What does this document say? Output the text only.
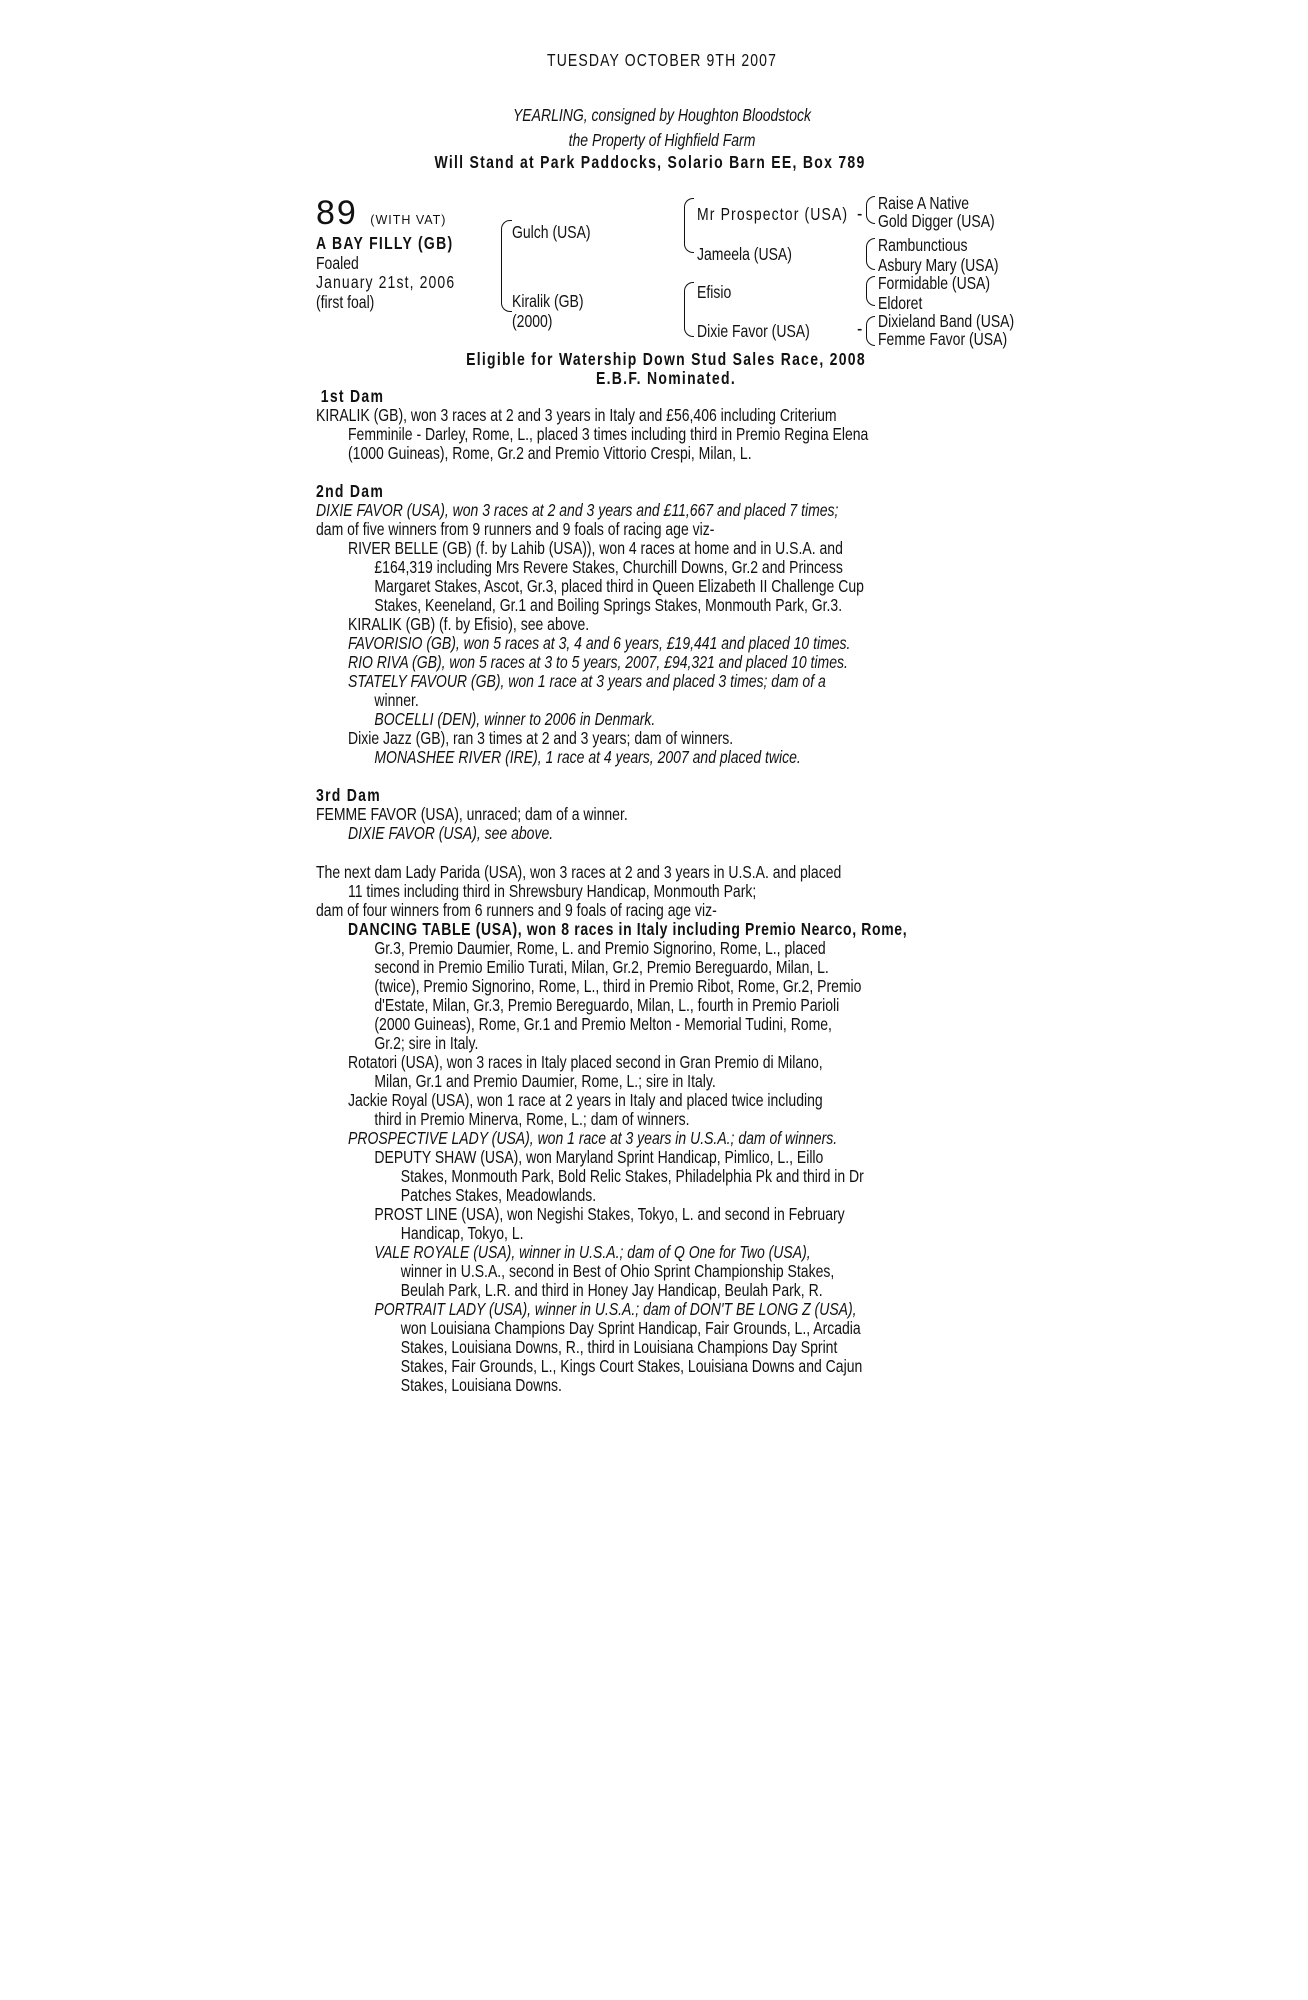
TUESDAY OCTOBER 9TH 2007
YEARLING, consigned by Houghton Bloodstock
the Property of Highfield Farm
Will Stand at Park Paddocks, Solario Barn EE, Box 789
89 (WITH VAT)
A BAY FILLY (GB)
Foaled
January 21st, 2006
(first foal)
Gulch (USA)
Kiralik (GB)
(2000)
Mr Prospector (USA)
Jameela (USA)
Efisio
Dixie Favor (USA)
-
-
Raise A Native
Gold Digger (USA)
Rambunctious
Asbury Mary (USA)
Formidable (USA)
Eldoret
Dixieland Band (USA)
Femme Favor (USA)
Eligible for Watership Down Stud Sales Race, 2008
E.B.F. Nominated.
1st Dam
KIRALIK (GB), won 3 races at 2 and 3 years in Italy and £56,406 including Criterium
Femminile - Darley, Rome, L., placed 3 times including third in Premio Regina Elena
(1000 Guineas), Rome, Gr.2 and Premio Vittorio Crespi, Milan, L.
2nd Dam
DIXIE FAVOR (USA), won 3 races at 2 and 3 years and £11,667 and placed 7 times;
dam of five winners from 9 runners and 9 foals of racing age viz-
RIVER BELLE (GB) (f. by Lahib (USA)), won 4 races at home and in U.S.A. and
£164,319 including Mrs Revere Stakes, Churchill Downs, Gr.2 and Princess
Margaret Stakes, Ascot, Gr.3, placed third in Queen Elizabeth II Challenge Cup
Stakes, Keeneland, Gr.1 and Boiling Springs Stakes, Monmouth Park, Gr.3.
KIRALIK (GB) (f. by Efisio), see above.
FAVORISIO (GB), won 5 races at 3, 4 and 6 years, £19,441 and placed 10 times.
RIO RIVA (GB), won 5 races at 3 to 5 years, 2007, £94,321 and placed 10 times.
STATELY FAVOUR (GB), won 1 race at 3 years and placed 3 times; dam of a
winner.
BOCELLI (DEN), winner to 2006 in Denmark.
Dixie Jazz (GB), ran 3 times at 2 and 3 years; dam of winners.
MONASHEE RIVER (IRE), 1 race at 4 years, 2007 and placed twice.
3rd Dam
FEMME FAVOR (USA), unraced; dam of a winner.
DIXIE FAVOR (USA), see above.
The next dam Lady Parida (USA), won 3 races at 2 and 3 years in U.S.A. and placed
11 times including third in Shrewsbury Handicap, Monmouth Park;
dam of four winners from 6 runners and 9 foals of racing age viz-
DANCING TABLE (USA), won 8 races in Italy including Premio Nearco, Rome,
Gr.3, Premio Daumier, Rome, L. and Premio Signorino, Rome, L., placed
second in Premio Emilio Turati, Milan, Gr.2, Premio Bereguardo, Milan, L.
(twice), Premio Signorino, Rome, L., third in Premio Ribot, Rome, Gr.2, Premio
d'Estate, Milan, Gr.3, Premio Bereguardo, Milan, L., fourth in Premio Parioli
(2000 Guineas), Rome, Gr.1 and Premio Melton - Memorial Tudini, Rome,
Gr.2; sire in Italy.
Rotatori (USA), won 3 races in Italy placed second in Gran Premio di Milano,
Milan, Gr.1 and Premio Daumier, Rome, L.; sire in Italy.
Jackie Royal (USA), won 1 race at 2 years in Italy and placed twice including
third in Premio Minerva, Rome, L.; dam of winners.
PROSPECTIVE LADY (USA), won 1 race at 3 years in U.S.A.; dam of winners.
DEPUTY SHAW (USA), won Maryland Sprint Handicap, Pimlico, L., Eillo
Stakes, Monmouth Park, Bold Relic Stakes, Philadelphia Pk and third in Dr
Patches Stakes, Meadowlands.
PROST LINE (USA), won Negishi Stakes, Tokyo, L. and second in February
Handicap, Tokyo, L.
VALE ROYALE (USA), winner in U.S.A.; dam of Q One for Two (USA),
winner in U.S.A., second in Best of Ohio Sprint Championship Stakes,
Beulah Park, L.R. and third in Honey Jay Handicap, Beulah Park, R.
PORTRAIT LADY (USA), winner in U.S.A.; dam of DON'T BE LONG Z (USA),
won Louisiana Champions Day Sprint Handicap, Fair Grounds, L., Arcadia
Stakes, Louisiana Downs, R., third in Louisiana Champions Day Sprint
Stakes, Fair Grounds, L., Kings Court Stakes, Louisiana Downs and Cajun
Stakes, Louisiana Downs.
